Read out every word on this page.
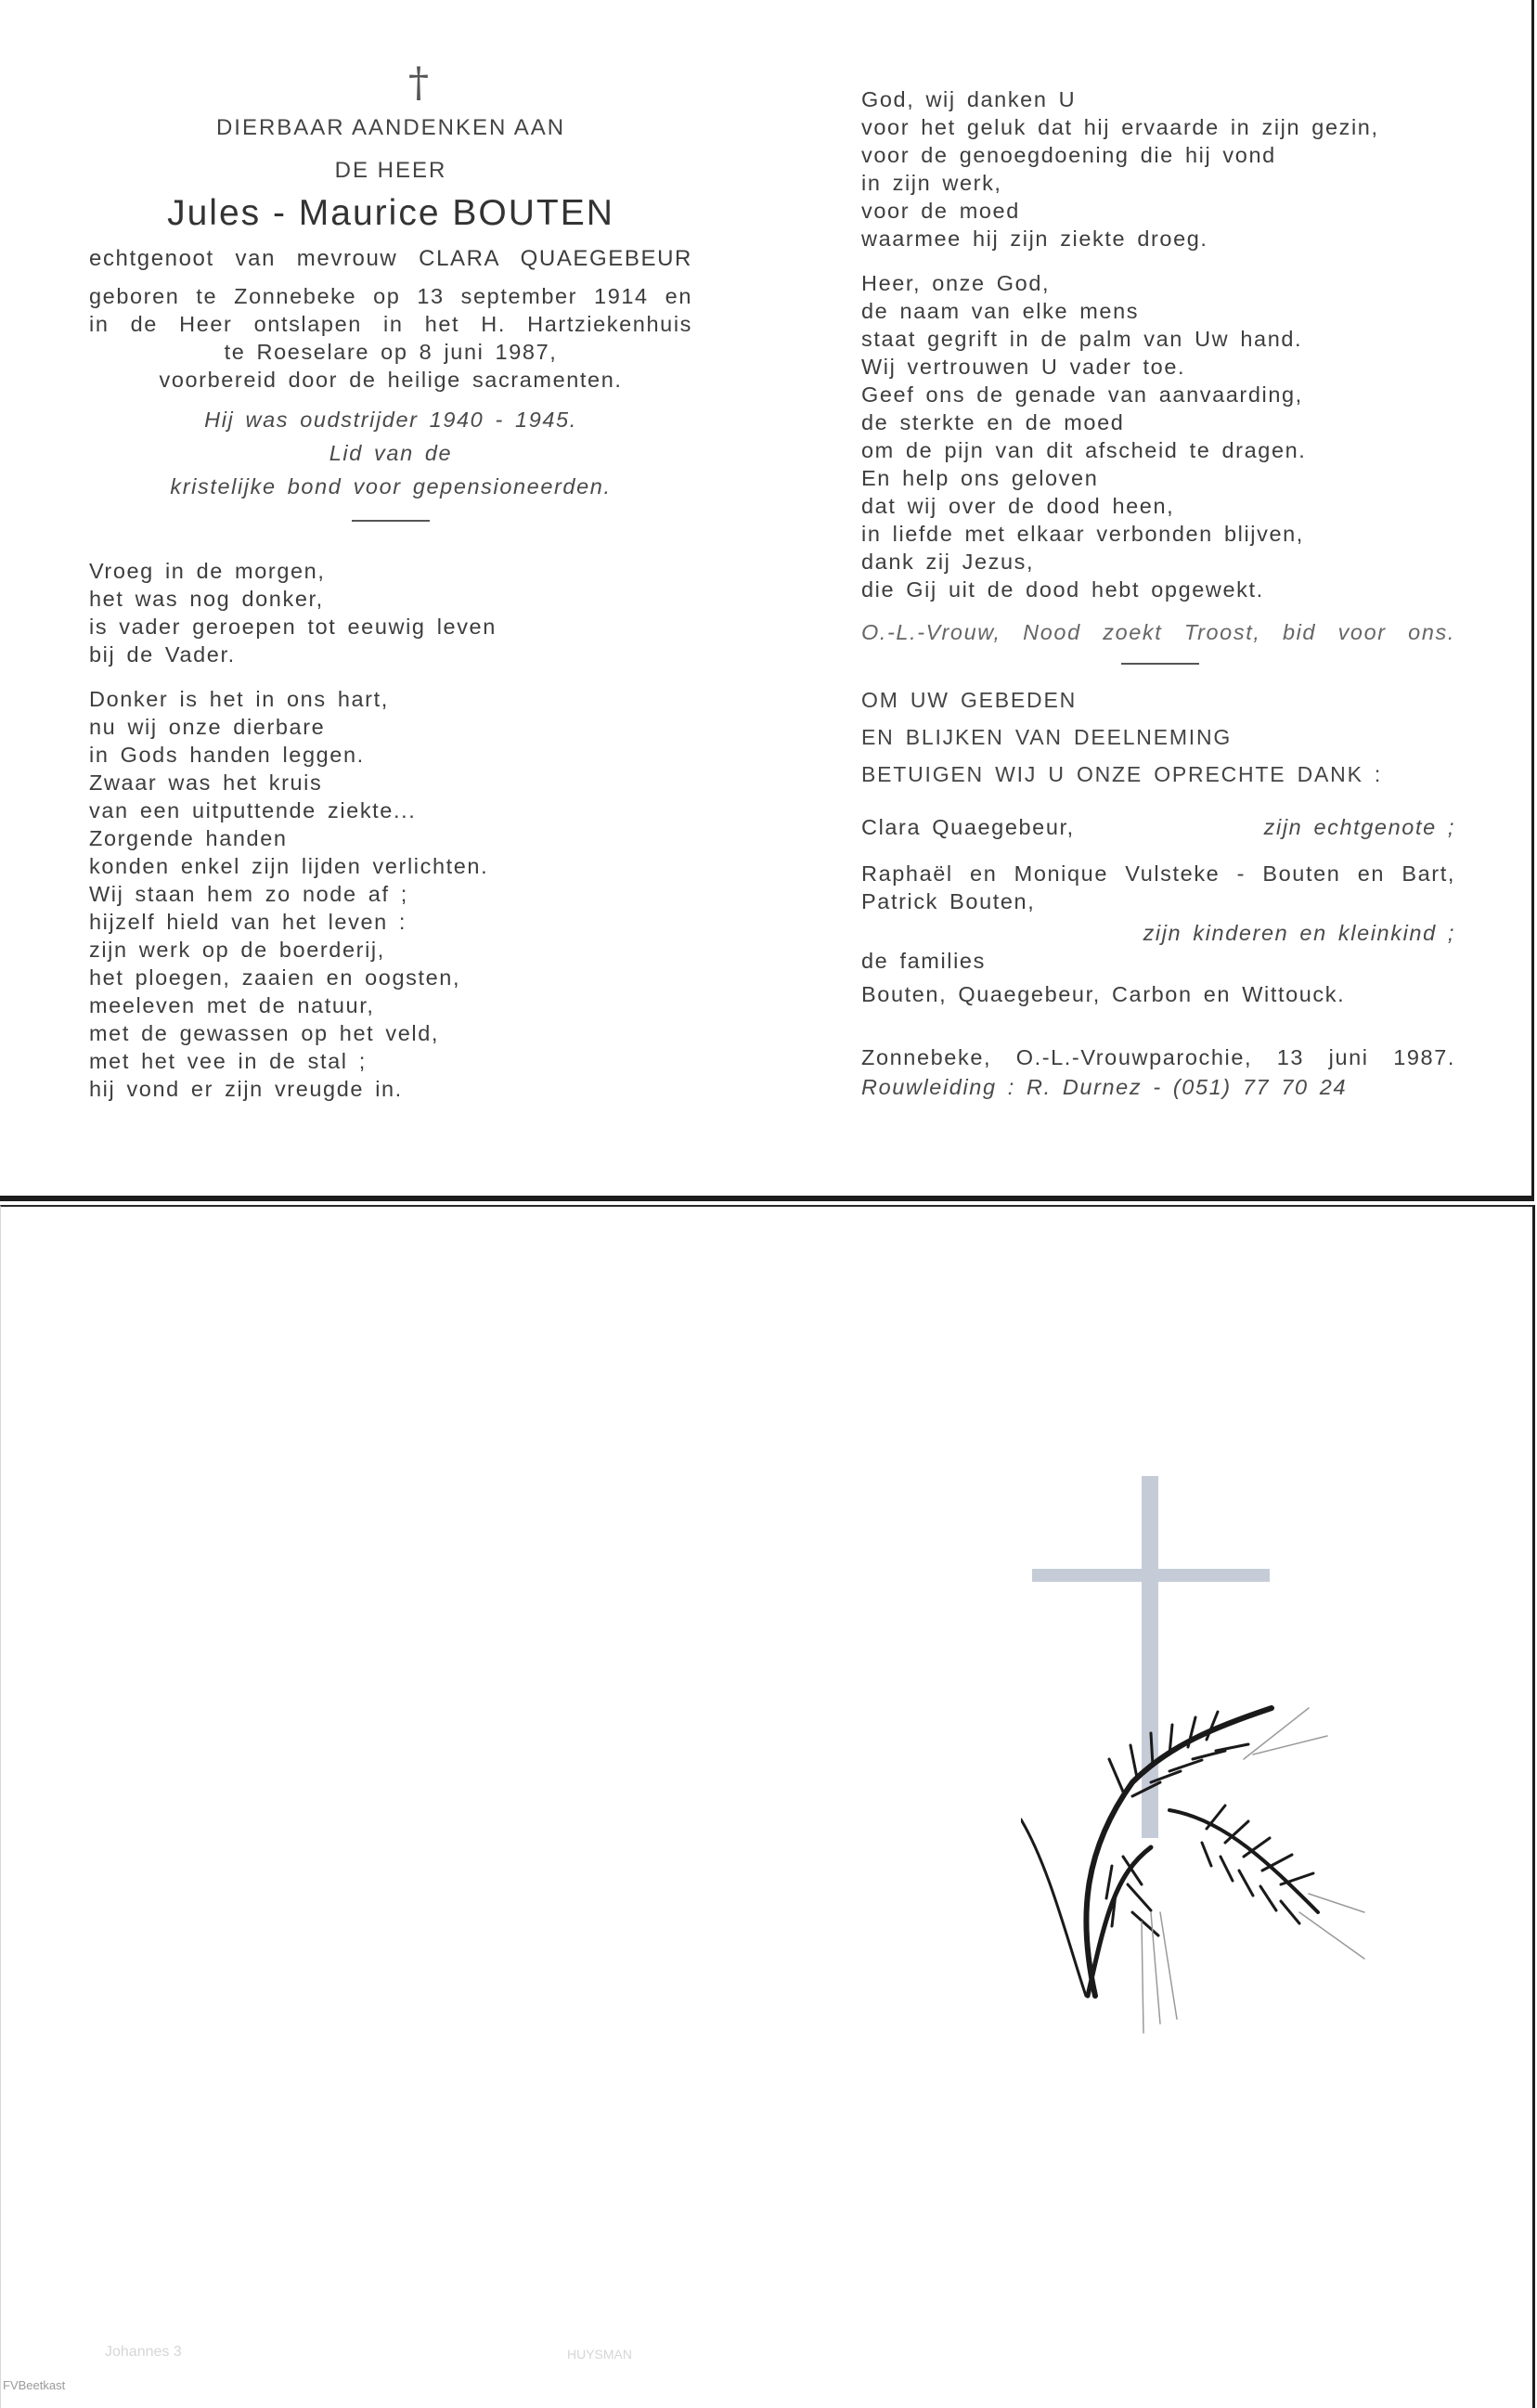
†
DIERBAAR AANDENKEN AAN
DE HEER
Jules - Maurice BOUTEN
echtgenoot van mevrouw CLARA QUAEGEBEUR
geboren te Zonnebeke op 13 september 1914 en
in de Heer ontslapen in het H. Hartziekenhuis
te Roeselare op 8 juni 1987,
voorbereid door de heilige sacramenten.
Hij was oudstrijder 1940 - 1945.
Lid van de
kristelijke bond voor gepensioneerden.
Vroeg in de morgen,
het was nog donker,
is vader geroepen tot eeuwig leven
bij de Vader.
Donker is het in ons hart,
nu wij onze dierbare
in Gods handen leggen.
Zwaar was het kruis
van een uitputtende ziekte...
Zorgende handen
konden enkel zijn lijden verlichten.
Wij staan hem zo node af ;
hijzelf hield van het leven :
zijn werk op de boerderij,
het ploegen, zaaien en oogsten,
meeleven met de natuur,
met de gewassen op het veld,
met het vee in de stal ;
hij vond er zijn vreugde in.
God, wij danken U
voor het geluk dat hij ervaarde in zijn gezin,
voor de genoegdoening die hij vond
in zijn werk,
voor de moed
waarmee hij zijn ziekte droeg.
Heer, onze God,
de naam van elke mens
staat gegrift in de palm van Uw hand.
Wij vertrouwen U vader toe.
Geef ons de genade van aanvaarding,
de sterkte en de moed
om de pijn van dit afscheid te dragen.
En help ons geloven
dat wij over de dood heen,
in liefde met elkaar verbonden blijven,
dank zij Jezus,
die Gij uit de dood hebt opgewekt.
O.-L.-Vrouw, Nood zoekt Troost, bid voor ons.
OM UW GEBEDEN
EN BLIJKEN VAN DEELNEMING
BETUIGEN WIJ U ONZE OPRECHTE DANK :
Clara Quaegebeur,	zijn echtgenote ;
Raphaël en Monique Vulsteke - Bouten en Bart,
Patrick Bouten,
zijn kinderen en kleinkind ;
de families
Bouten, Quaegebeur, Carbon en Wittouck.
Zonnebeke, O.-L.-Vrouwparochie, 13 juni 1987.
Rouwleiding : R. Durnez - (051) 77 70 24
Johannes 3	HUYSMAN
FVBeetkast
